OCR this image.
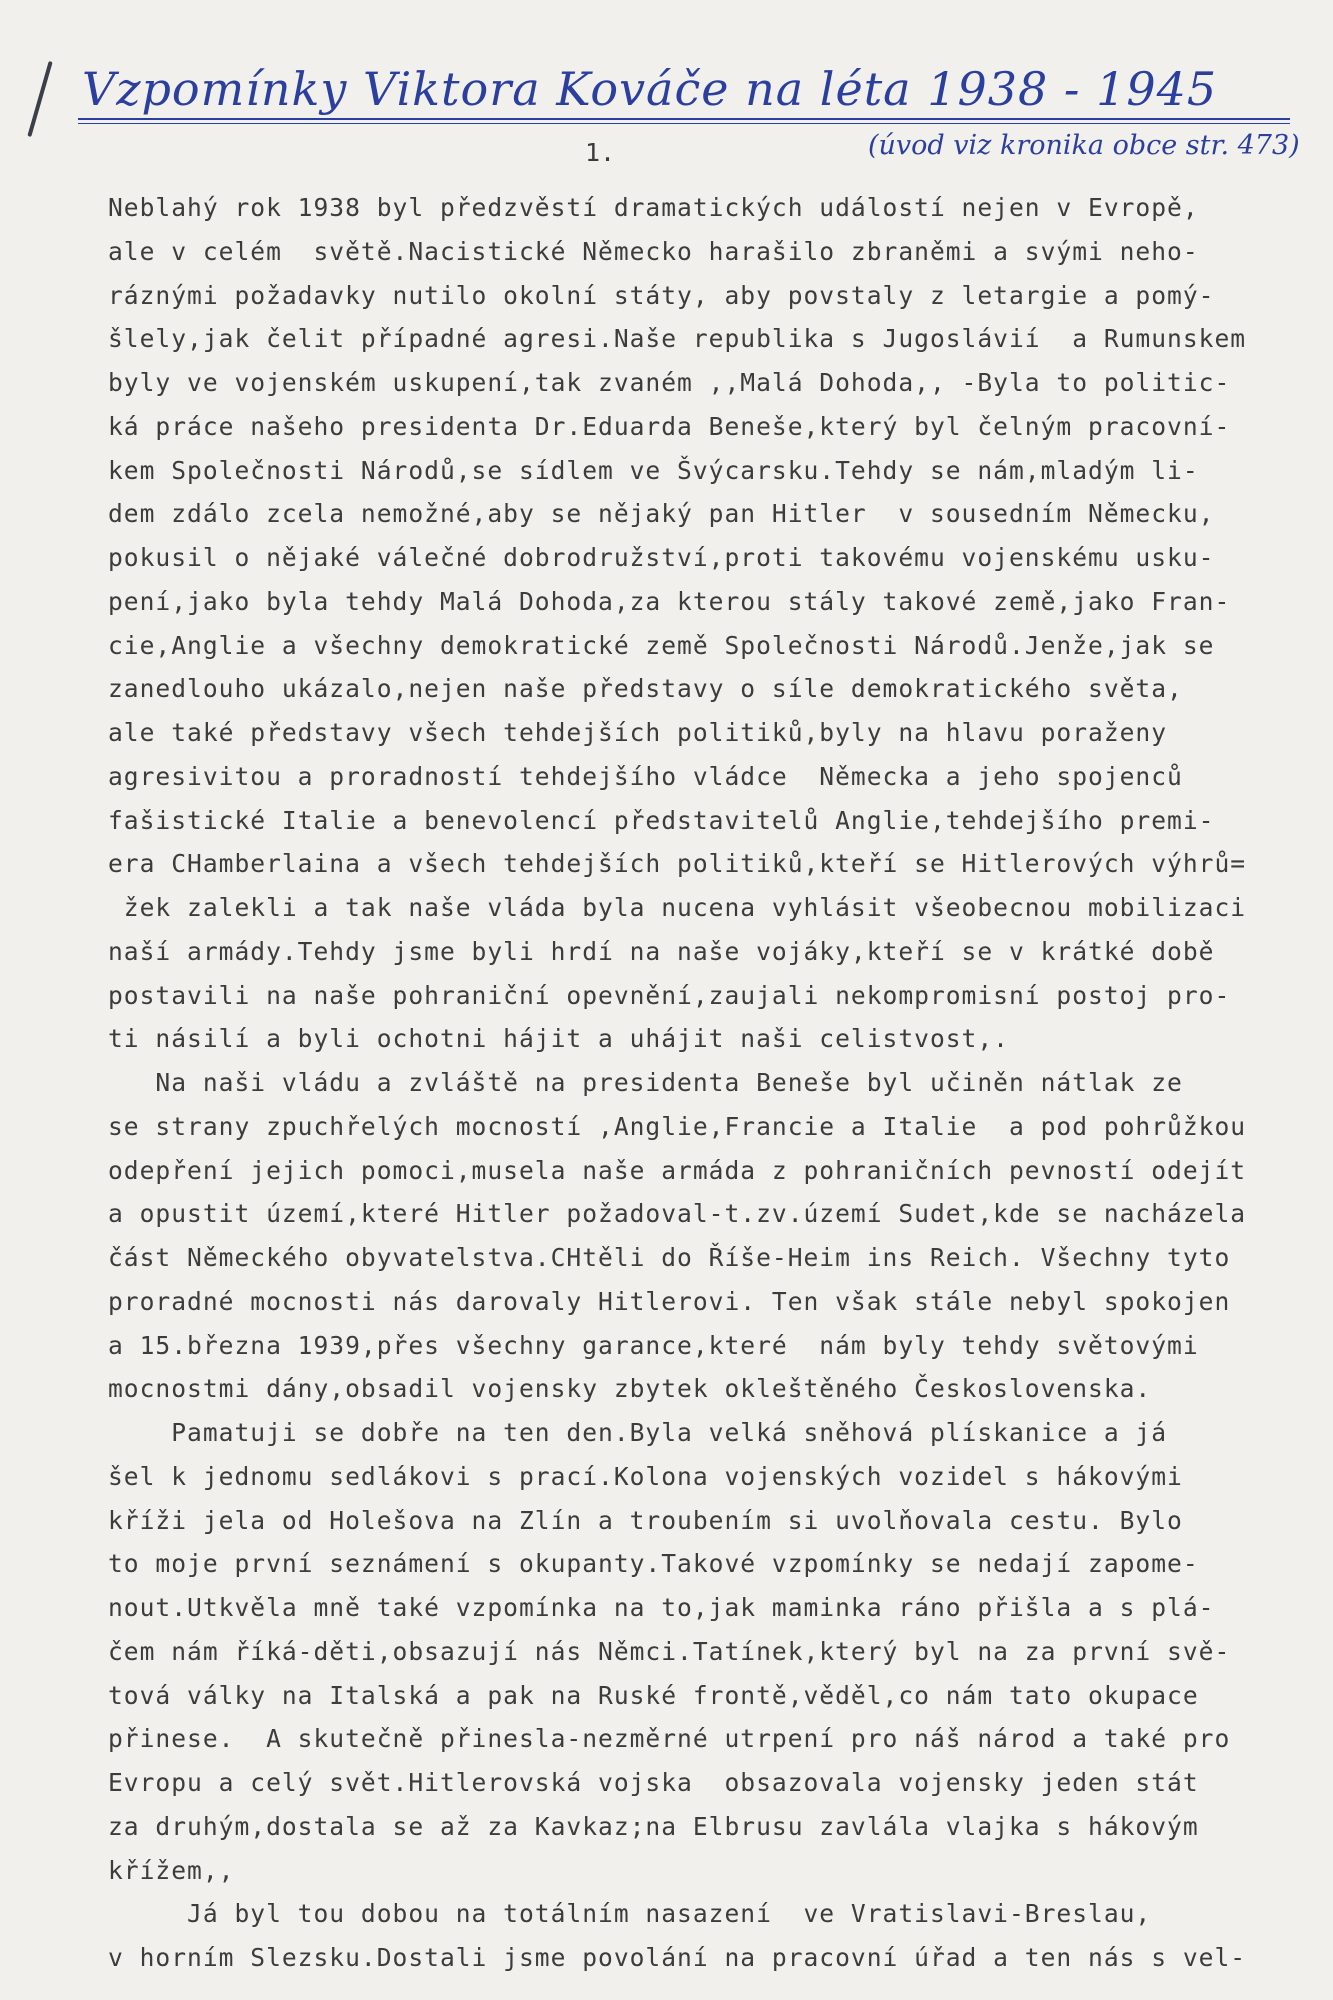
Vzpomínky Viktora Kováče na léta 1938 - 1945
1.	(úvod viz kronika obce str. 473)
Neblahý rok 1938 byl předzvěstí dramatických událostí nejen v Evropě,
ale v celém  světě.Nacistické Německo harašilo zbraněmi a svými neho-
ráznými požadavky nutilo okolní státy, aby povstaly z letargie a pomý-
šlely,jak čelit případné agresi.Naše republika s Jugoslávií  a Rumunskem
byly ve vojenském uskupení,tak zvaném ,,Malá Dohoda,, -Byla to politic-
ká práce našeho presidenta Dr.Eduarda Beneše,který byl čelným pracovní-
kem Společnosti Národů,se sídlem ve Švýcarsku.Tehdy se nám,mladým li-
dem zdálo zcela nemožné,aby se nějaký pan Hitler  v sousedním Německu,
pokusil o nějaké válečné dobrodružství,proti takovému vojenskému usku-
pení,jako byla tehdy Malá Dohoda,za kterou stály takové země,jako Fran-
cie,Anglie a všechny demokratické země Společnosti Národů.Jenže,jak se
zanedlouho ukázalo,nejen naše představy o síle demokratického světa,
ale také představy všech tehdejších politiků,byly na hlavu poraženy
agresivitou a proradností tehdejšího vládce  Německa a jeho spojenců
fašistické Italie a benevolencí představitelů Anglie,tehdejšího premi-
era CHamberlaina a všech tehdejších politiků,kteří se Hitlerových výhrů=
žek zalekli a tak naše vláda byla nucena vyhlásit všeobecnou mobilizaci
naší armády.Tehdy jsme byli hrdí na naše vojáky,kteří se v krátké době
postavili na naše pohraniční opevnění,zaujali nekompromisní postoj pro-
ti násilí a byli ochotni hájit a uhájit naši celistvost,.
Na naši vládu a zvláště na presidenta Beneše byl učiněn nátlak ze
se strany zpuchřelých mocností ,Anglie,Francie a Italie  a pod pohrůžkou
odepření jejich pomoci,musela naše armáda z pohraničních pevností odejít
a opustit území,které Hitler požadoval-t.zv.území Sudet,kde se nacházela
část Německého obyvatelstva.CHtěli do Říše-Heim ins Reich. Všechny tyto
proradné mocnosti nás darovaly Hitlerovi. Ten však stále nebyl spokojen
a 15.března 1939,přes všechny garance,které  nám byly tehdy světovými
mocnostmi dány,obsadil vojensky zbytek okleštěného Československa.
Pamatuji se dobře na ten den.Byla velká sněhová plískanice a já
šel k jednomu sedlákovi s prací.Kolona vojenských vozidel s hákovými
kříži jela od Holešova na Zlín a troubením si uvolňovala cestu. Bylo
to moje první seznámení s okupanty.Takové vzpomínky se nedají zapome-
nout.Utkvěla mně také vzpomínka na to,jak maminka ráno přišla a s plá-
čem nám říká-děti,obsazují nás Němci.Tatínek,který byl na za první svě-
tová války na Italská a pak na Ruské frontě,věděl,co nám tato okupace
přinese.  A skutečně přinesla-nezměrné utrpení pro náš národ a také pro
Evropu a celý svět.Hitlerovská vojska  obsazovala vojensky jeden stát
za druhým,dostala se až za Kavkaz;na Elbrusu zavlála vlajka s hákovým
křížem,,
Já byl tou dobou na totálním nasazení  ve Vratislavi-Breslau,
v horním Slezsku.Dostali jsme povolání na pracovní úřad a ten nás s vel-
